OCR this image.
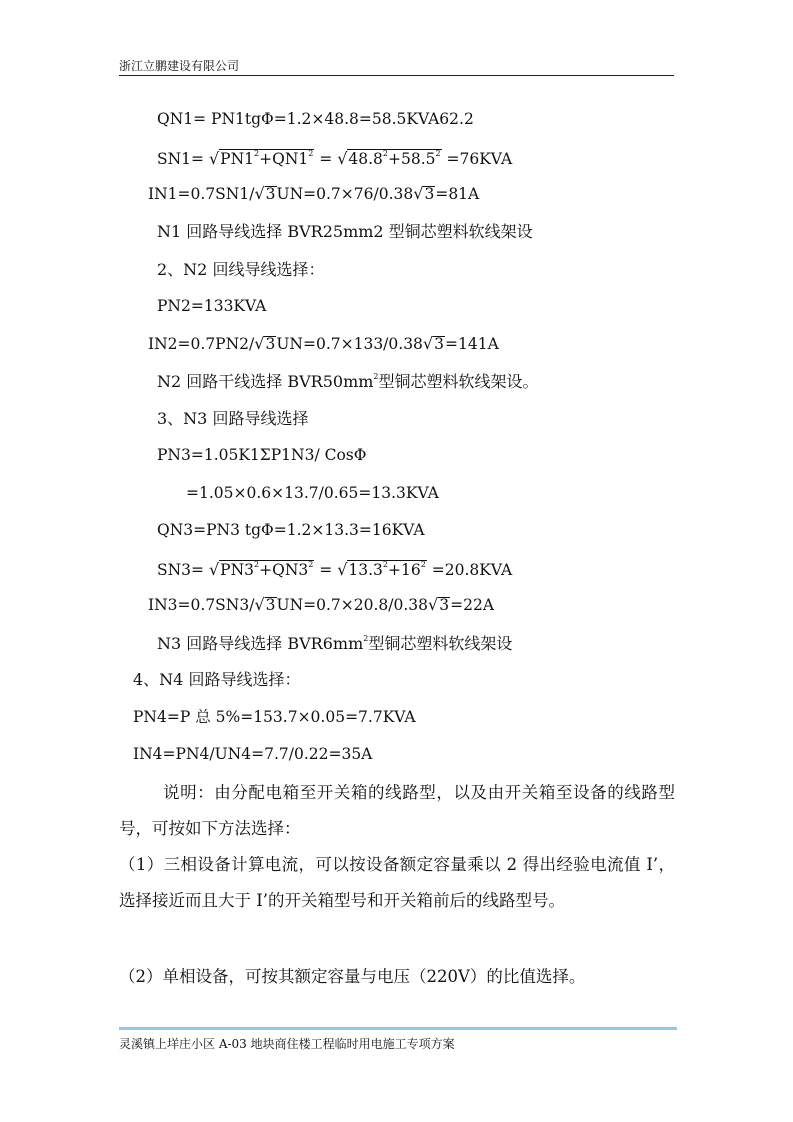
浙江立鹏建设有限公司
QN1= PN1tgΦ=1.2×48.8=58.5KVA62.2
$SN1= √PN1^2+QN1^2 = √48.8^2+58.5^2 =76KVA$
IN1=0.7SN1/√3UN=0.7×76/0.38√3=81A
N1 回路导线选择 BVR25mm2 型铜芯塑料软线架设
2、N2 回线导线选择：
PN2=133KVA
IN2=0.7PN2/√3UN=0.7×133/0.38√3=141A
N2 回路干线选择 $BVR50mm^2$型铜芯塑料软线架设。
3、N3 回路导线选择
PN3=1.05K1ΣP1N3/ CosΦ
=1.05×0.6×13.7/0.65=13.3KVA
QN3=PN3 tgΦ=1.2×13.3=16KVA
$SN3= √PN3^2+QN3^2 = √13.3^2+16^2 =20.8KVA$
IN3=0.7SN3/√3UN=0.7×20.8/0.38√3=22A
N3 回路导线选择 $BVR6mm^2$型铜芯塑料软线架设
4、N4 回路导线选择：
PN4=P 总 5%=153.7×0.05=7.7KVA
IN4=PN4/UN4=7.7/0.22=35A
说明：由分配电箱至开关箱的线路型，以及由开关箱至设备的线路型号，可按如下方法选择：
（1）三相设备计算电流，可以按设备额定容量乘以 2 得出经验电流值 I’，选择接近而且大于 I’的开关箱型号和开关箱前后的线路型号。
（2）单相设备，可按其额定容量与电压（220V）的比值选择。
灵溪镇上垟庄小区 A-03 地块商住楼工程临时用电施工专项方案
